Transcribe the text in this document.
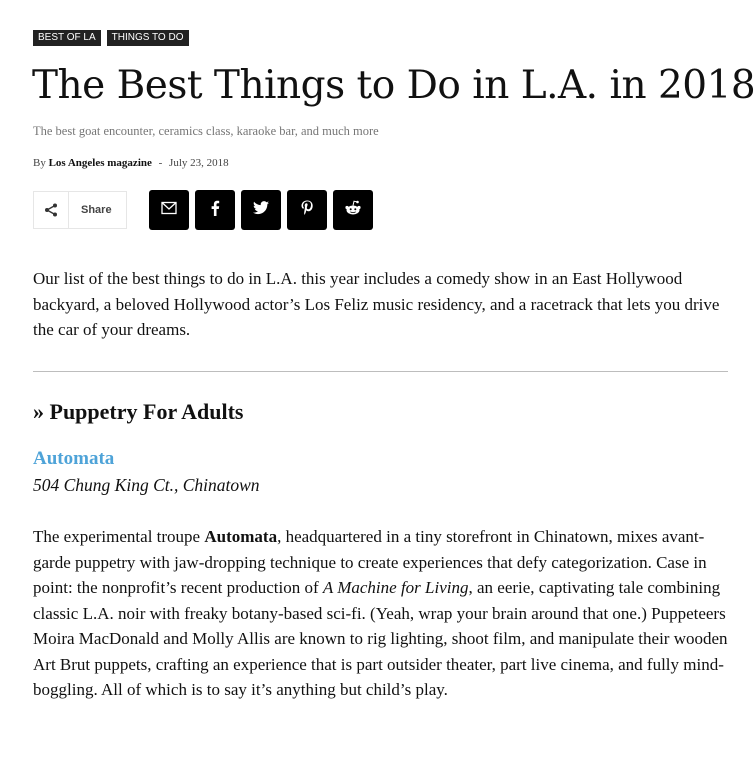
BEST OF LA	THINGS TO DO
The Best Things to Do in L.A. in 2018

The best goat encounter, ceramics class, karaoke bar, and much more

By Los Angeles magazine - July 23, 2018
Share

Our list of the best things to do in L.A. this year includes a comedy show in an East Hollywood backyard, a beloved Hollywood actor’s Los Feliz music residency, and a racetrack that lets you drive the car of your dreams.

» Puppetry For Adults
Automata
504 Chung King Ct., Chinatown

The experimental troupe Automata, headquartered in a tiny storefront in Chinatown, mixes avant-garde puppetry with jaw-dropping technique to create experiences that defy categorization. Case in point: the nonprofit’s recent production of A Machine for Living, an eerie, captivating tale combining classic L.A. noir with freaky botany-based sci-fi. (Yeah, wrap your brain around that one.) Puppeteers Moira MacDonald and Molly Allis are known to rig lighting, shoot film, and manipulate their wooden Art Brut puppets, crafting an experience that is part outsider theater, part live cinema, and fully mind-boggling. All of which is to say it’s anything but child’s play.
